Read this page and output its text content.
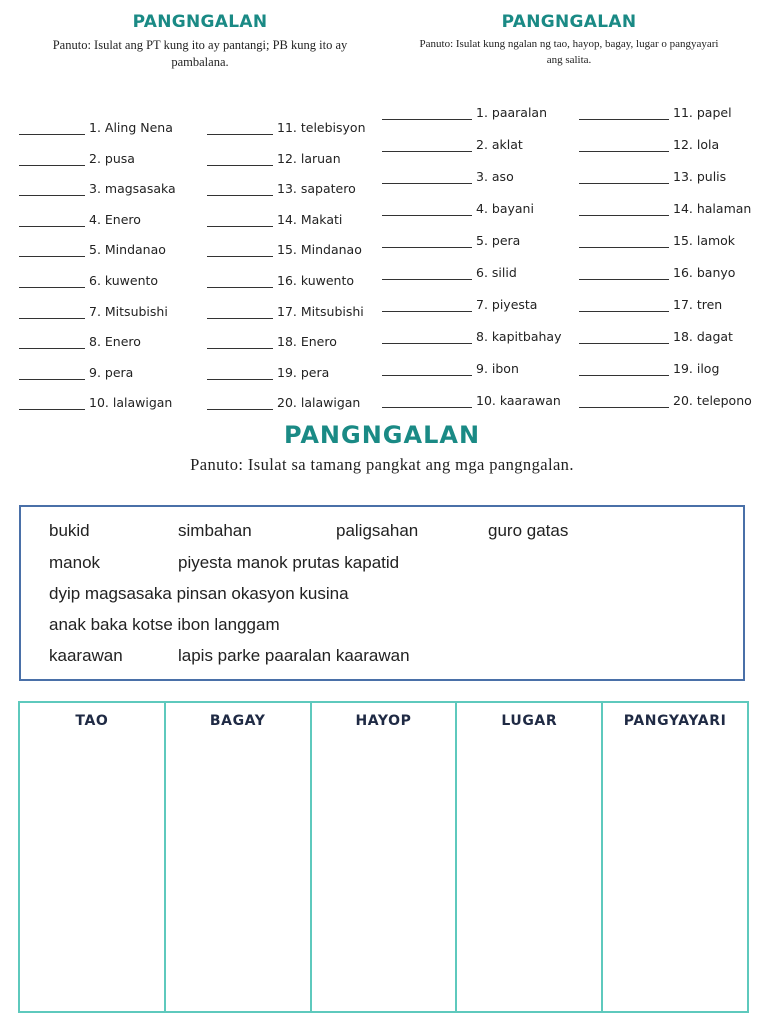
PANGNGALAN
Panuto: Isulat ang PT kung ito ay pantangi; PB kung ito ay pambalana.
1. Aling Nena
2. pusa
3. magsasaka
4. Enero
5. Mindanao
6. kuwento
7. Mitsubishi
8. Enero
9. pera
10. lalawigan
11. telebisyon
12. laruan
13. sapatero
14. Makati
15. Mindanao
16. kuwento
17. Mitsubishi
18. Enero
19. pera
20. lalawigan
PANGNGALAN
Panuto: Isulat kung ngalan ng tao, hayop, bagay, lugar o pangyayari ang salita.
1. paaralan
2. aklat
3. aso
4. bayani
5. pera
6. silid
7. piyesta
8. kapitbahay
9. ibon
10. kaarawan
11. papel
12. lola
13. pulis
14. halaman
15. lamok
16. banyo
17. tren
18. dagat
19. ilog
20. telepono
PANGNGALAN
Panuto: Isulat sa tamang pangkat ang mga pangngalan.
bukid	simbahan	paligsahan	guro gatas
manok	piyesta manok prutas kapatid
dyip magsasaka pinsan okasyon kusina
anak baka kotse ibon langgam
kaarawan	lapis parke paaralan kaarawan
TAO	BAGAY	HAYOP	LUGAR	PANGYAYARI
